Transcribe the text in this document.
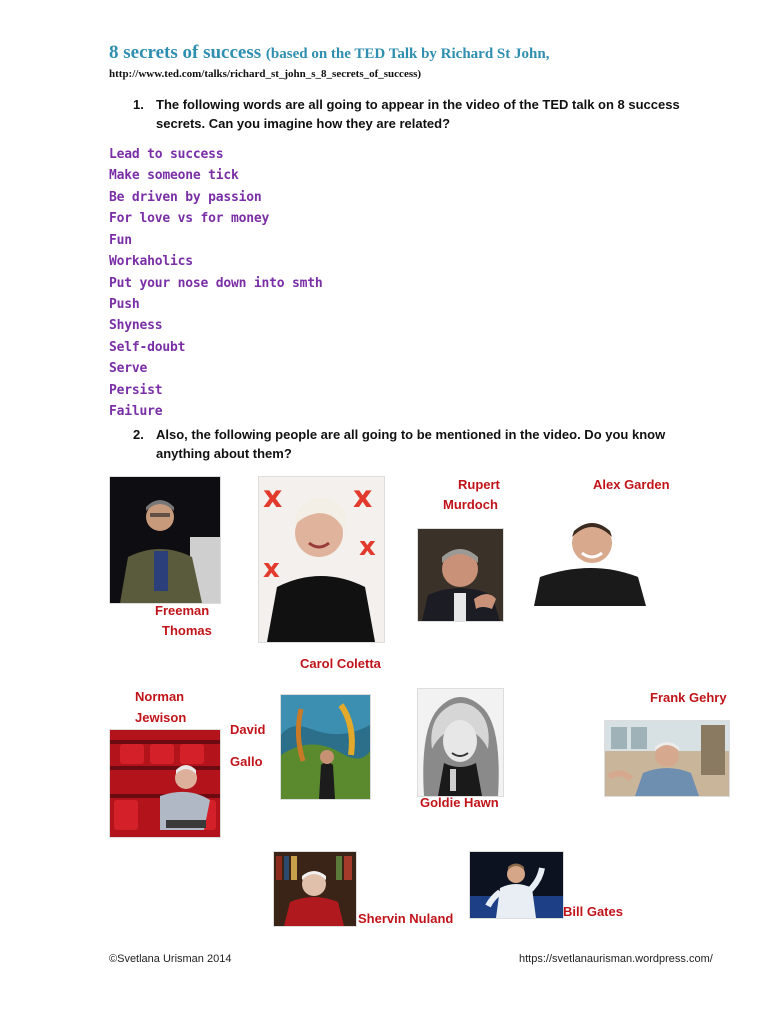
8 secrets of success (based on the TED Talk by Richard St John,
http://www.ted.com/talks/richard_st_john_s_8_secrets_of_success)
1. The following words are all going to appear in the video of the TED talk on 8 success secrets. Can you imagine how they are related?
Lead to success
Make someone tick
Be driven by passion
For love vs for money
Fun
Workaholics
Put your nose down into smth
Push
Shyness
Self-doubt
Serve
Persist
Failure
2. Also, the following people are all going to be mentioned in the video. Do you know anything about them?
Freeman
Thomas
x x
x
x
Carol Coletta
Rupert
Murdoch
Alex Garden
Norman
Jewison
David
Gallo
Goldie Hawn
Frank Gehry
Shervin Nuland	Bill Gates
©Svetlana Urisman 2014	https://svetlanaurisman.wordpress.com/
